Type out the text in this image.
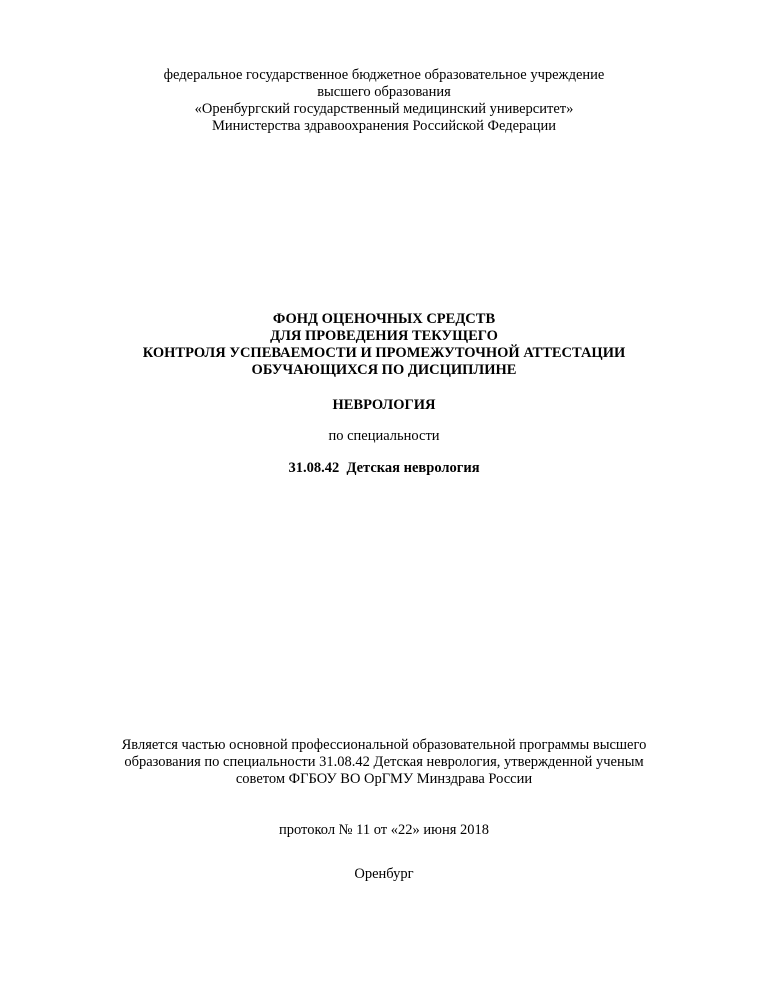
федеральное государственное бюджетное образовательное учреждение
высшего образования
«Оренбургский государственный медицинский университет»
Министерства здравоохранения Российской Федерации
ФОНД ОЦЕНОЧНЫХ СРЕДСТВ
ДЛЯ ПРОВЕДЕНИЯ ТЕКУЩЕГО
КОНТРОЛЯ УСПЕВАЕМОСТИ И ПРОМЕЖУТОЧНОЙ АТТЕСТАЦИИ
ОБУЧАЮЩИХСЯ ПО ДИСЦИПЛИНЕ
НЕВРОЛОГИЯ
по специальности
31.08.42  Детская неврология
Является частью основной профессиональной образовательной программы высшего
образования по специальности 31.08.42 Детская неврология, утвержденной ученым
советом ФГБОУ ВО ОрГМУ Минздрава России
протокол № 11 от «22» июня 2018
Оренбург
